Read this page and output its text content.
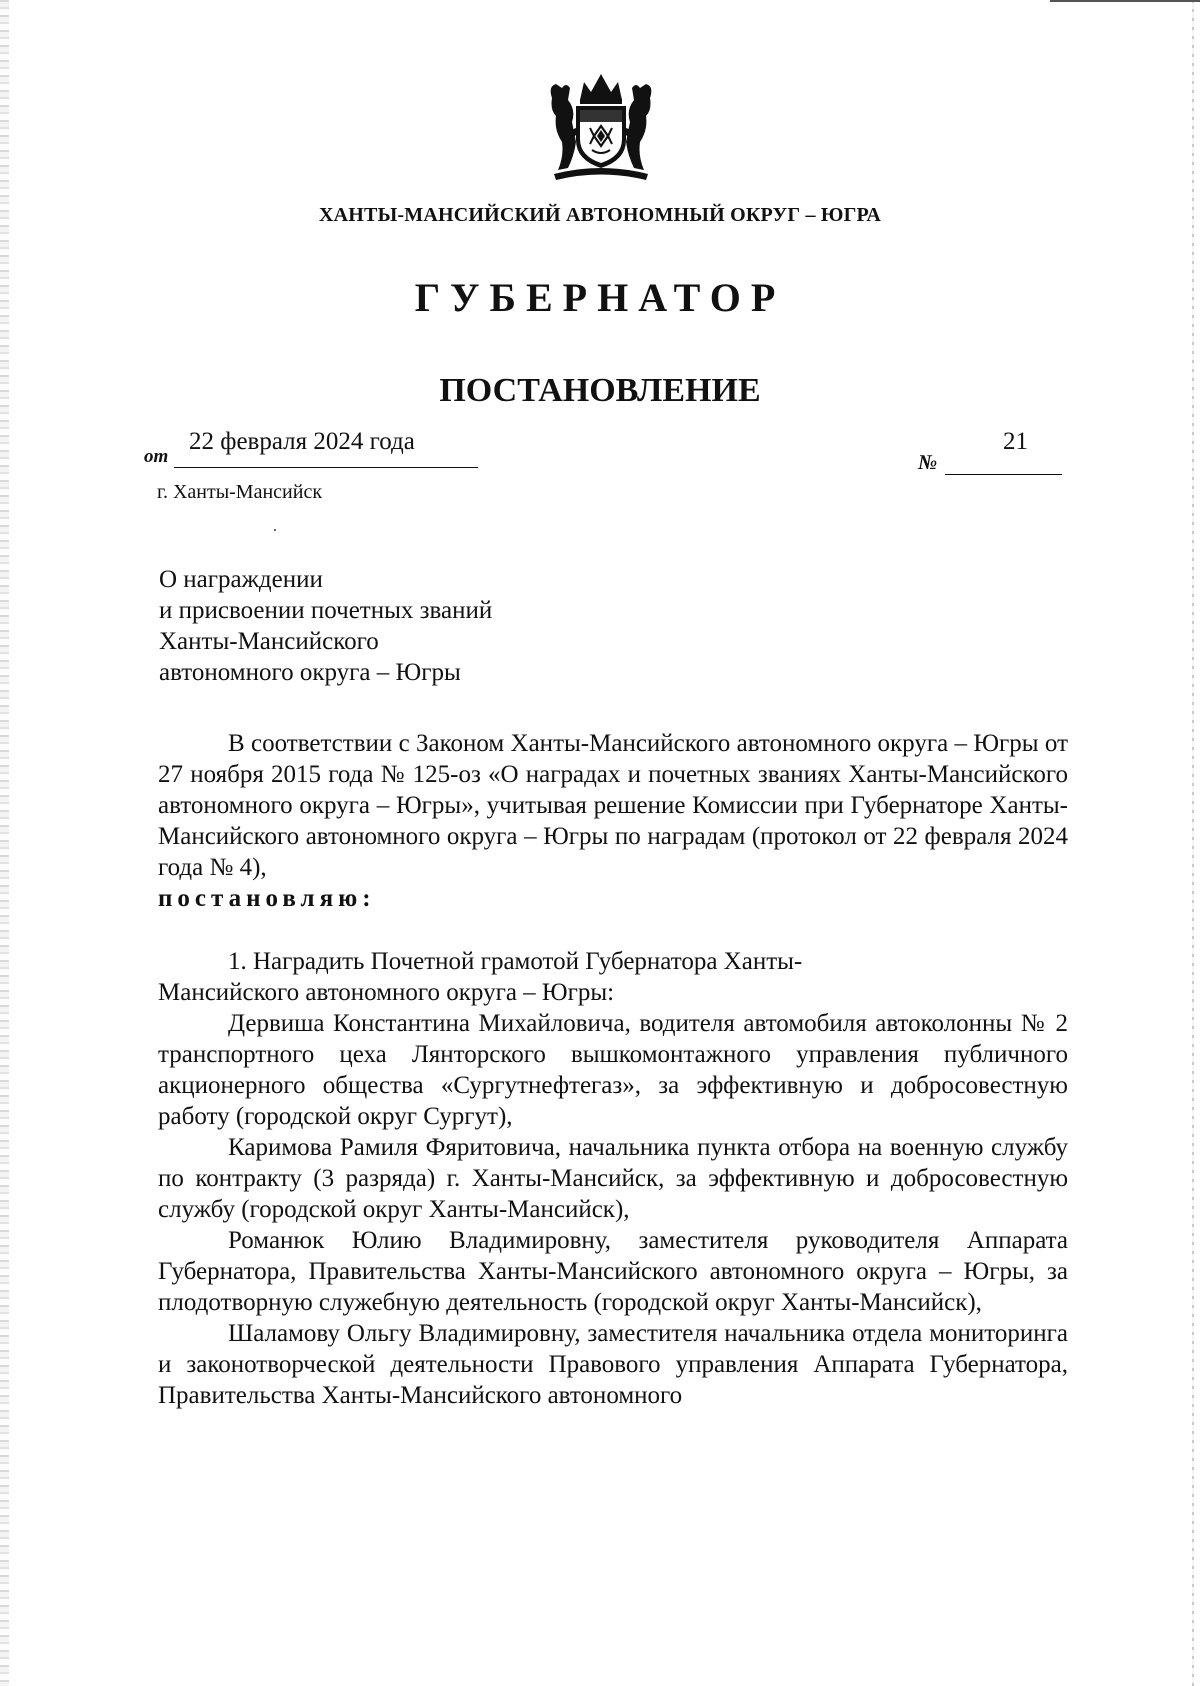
ХАНТЫ-МАНСИЙСКИЙ АВТОНОМНЫЙ ОКРУГ – ЮГРА
ГУБЕРНАТОР
ПОСТАНОВЛЕНИЕ
от
22 февраля 2024 года
№
21
г. Ханты-Мансийск
О награждении
и присвоении почетных званий
Ханты-Мансийского
автономного округа – Югры

В соответствии с Законом Ханты-Мансийского автономного округа – Югры от 27 ноября 2015 года № 125-оз «О наградах и почетных званиях Ханты-Мансийского автономного округа – Югры», учитывая решение Комиссии при Губернаторе Ханты-Мансийского автономного округа – Югры по наградам (протокол от 22 февраля 2024 года № 4),
постановляю:

1. Наградить Почетной грамотой Губернатора Ханты-

Мансийского автономного округа – Югры:

Дервиша Константина Михайловича, водителя автомобиля автоколонны № 2 транспортного цеха Лянторского вышкомонтажного управления публичного акционерного общества «Сургутнефтегаз», за эффективную и добросовестную работу (городской округ Сургут),

Каримова Рамиля Фяритовича, начальника пункта отбора на военную службу по контракту (3 разряда) г. Ханты-Мансийск, за эффективную и добросовестную службу (городской округ Ханты-Мансийск),

Романюк Юлию Владимировну, заместителя руководителя Аппарата Губернатора, Правительства Ханты-Мансийского автономного округа – Югры, за плодотворную служебную деятельность (городской округ Ханты-Мансийск),

Шаламову Ольгу Владимировну, заместителя начальника отдела мониторинга и законотворческой деятельности Правового управления Аппарата Губернатора, Правительства Ханты-Мансийского автономного
